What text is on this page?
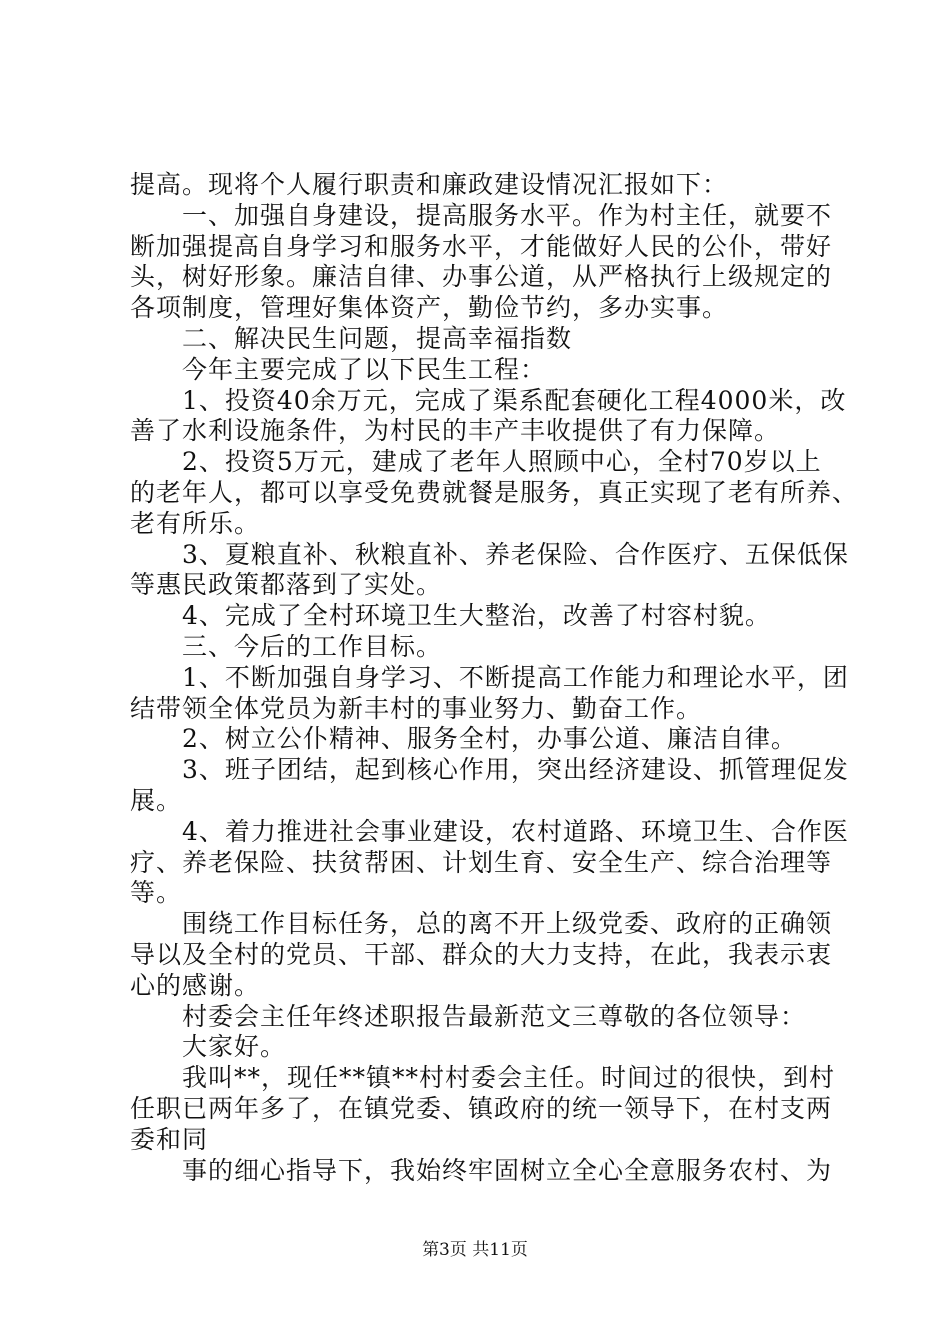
提高。现将个人履行职责和廉政建设情况汇报如下：
　　一、加强自身建设，提高服务水平。作为村主任，就要不
断加强提高自身学习和服务水平，才能做好人民的公仆，带好
头，树好形象。廉洁自律、办事公道，从严格执行上级规定的
各项制度，管理好集体资产，勤俭节约，多办实事。
　　二、解决民生问题，提高幸福指数
　　今年主要完成了以下民生工程：
　　1、投资40余万元，完成了渠系配套硬化工程4000米，改
善了水利设施条件，为村民的丰产丰收提供了有力保障。
　　2、投资5万元，建成了老年人照顾中心，全村70岁以上
的老年人，都可以享受免费就餐是服务，真正实现了老有所养、
老有所乐。
　　3、夏粮直补、秋粮直补、养老保险、合作医疗、五保低保
等惠民政策都落到了实处。
　　4、完成了全村环境卫生大整治，改善了村容村貌。
　　三、今后的工作目标。
　　1、不断加强自身学习、不断提高工作能力和理论水平，团
结带领全体党员为新丰村的事业努力、勤奋工作。
　　2、树立公仆精神、服务全村，办事公道、廉洁自律。
　　3、班子团结，起到核心作用，突出经济建设、抓管理促发
展。
　　4、着力推进社会事业建设，农村道路、环境卫生、合作医
疗、养老保险、扶贫帮困、计划生育、安全生产、综合治理等
等。
　　围绕工作目标任务，总的离不开上级党委、政府的正确领
导以及全村的党员、干部、群众的大力支持，在此，我表示衷
心的感谢。
　　村委会主任年终述职报告最新范文三尊敬的各位领导：
　　大家好。
　　我叫**，现任**镇**村村委会主任。时间过的很快，到村
任职已两年多了，在镇党委、镇政府的统一领导下，在村支两
委和同
　　事的细心指导下，我始终牢固树立全心全意服务农村、为
第3页 共11页
